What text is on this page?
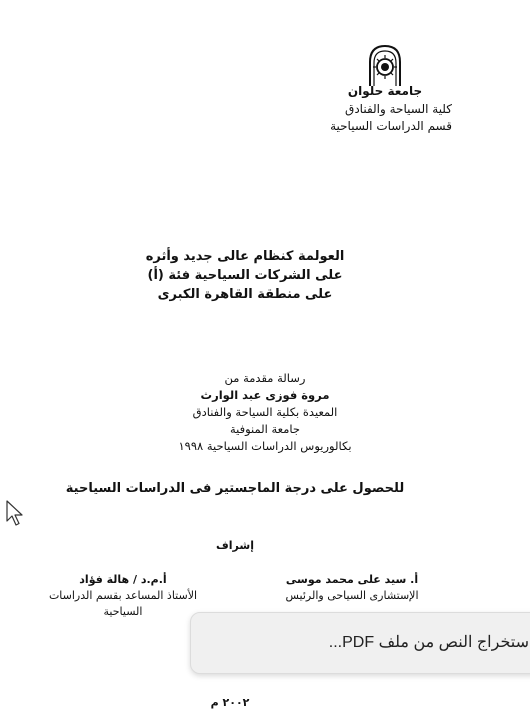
جامعة حلوان
كلية السياحة والفنادق
قسم الدراسات السياحية
العولمة كنظام عالى جديد وأثره
على الشركات السياحية فئة (أ)
على منطقة القاهرة الكبرى
رسالة مقدمة من
مروة فوزى عبد الوارث
المعيدة بكلية السياحة والفنادق
جامعة المنوفية
بكالوريوس الدراسات السياحية ١٩٩٨
للحصول على درجة الماجستير فى الدراسات السياحية
إشراف
أ. سيد على محمد موسى
الإستشارى السياحى والرئيس
أ.م.د / هالة فؤاد
الأستاذ المساعد بقسم الدراسات
السياحية
٢٠٠٢ م
ستخراج النص من ملف PDF...
